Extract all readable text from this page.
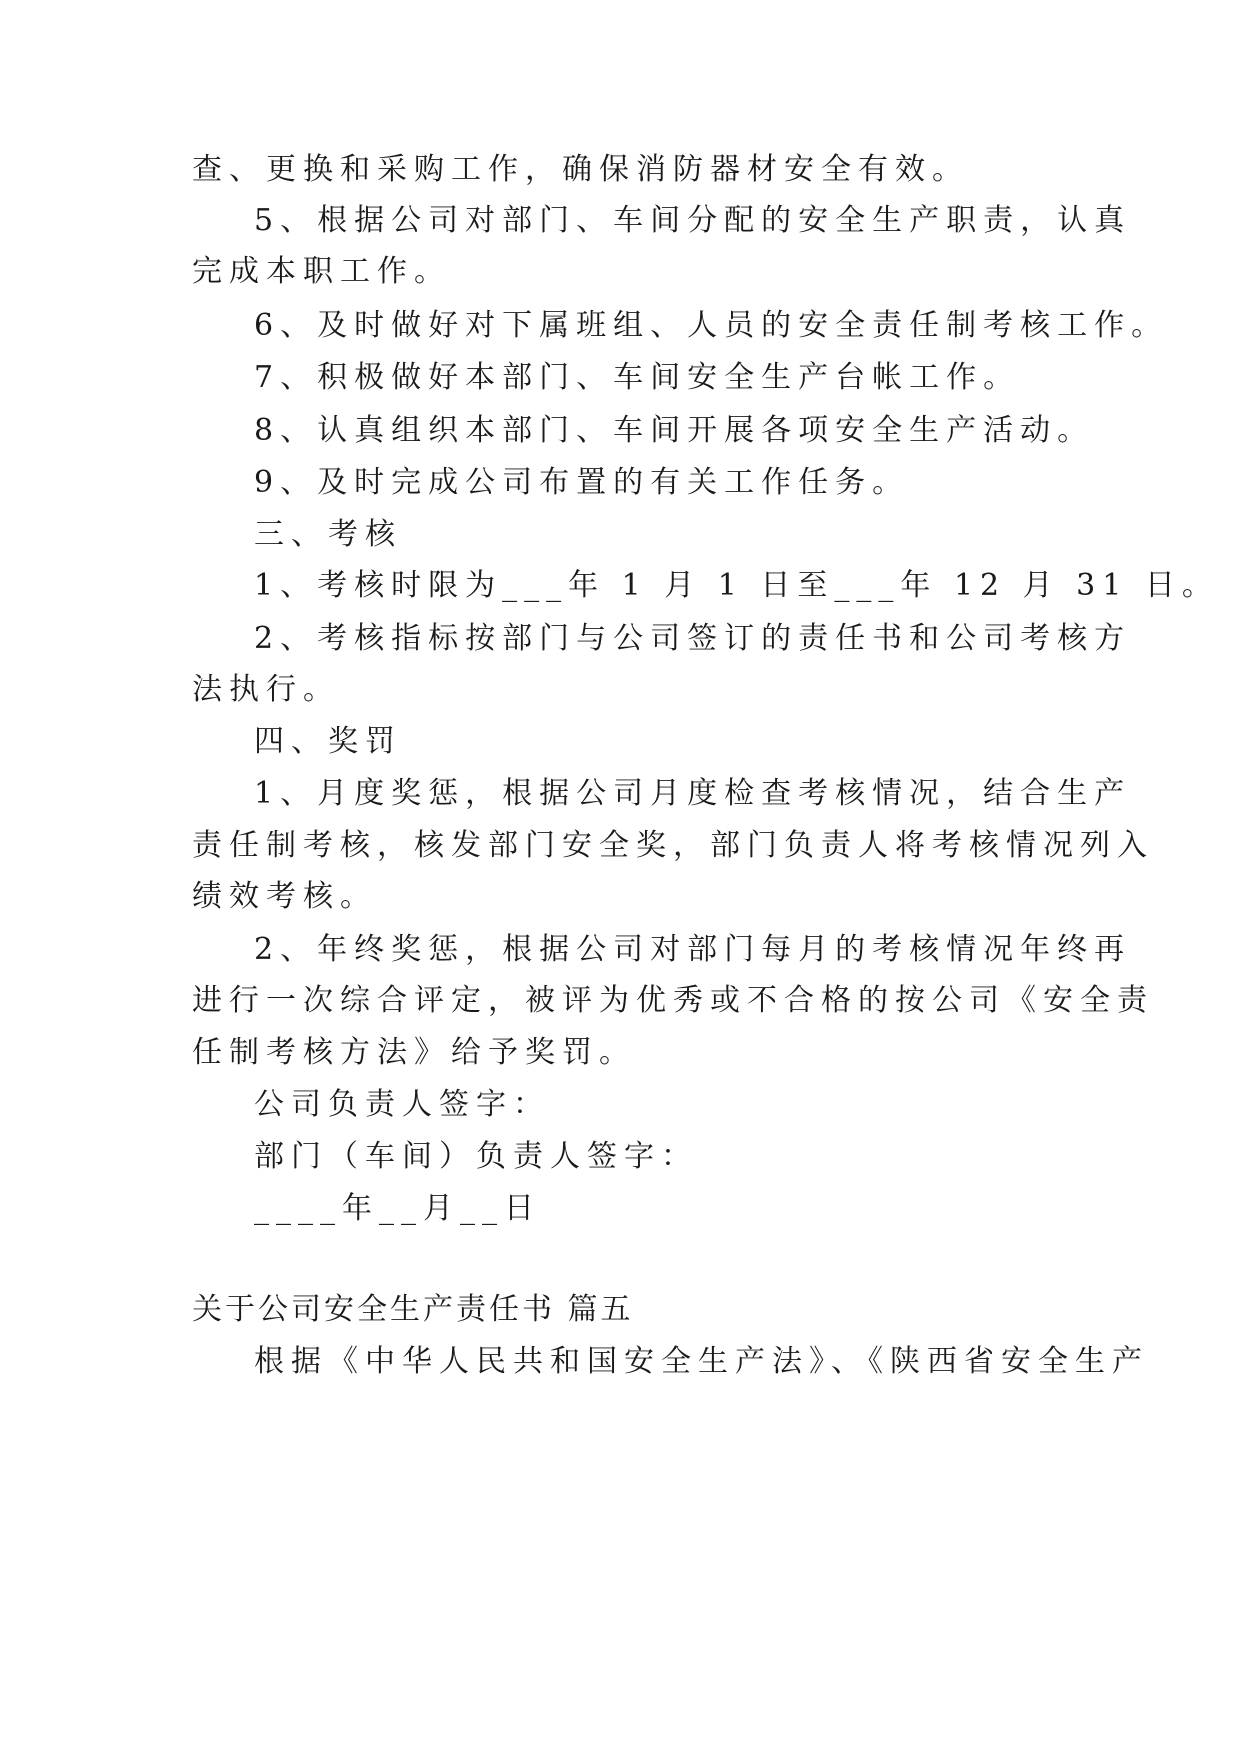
查、更换和采购工作，确保消防器材安全有效。
5、根据公司对部门、车间分配的安全生产职责，认真
完成本职工作。
6、及时做好对下属班组、人员的安全责任制考核工作。
7、积极做好本部门、车间安全生产台帐工作。
8、认真组织本部门、车间开展各项安全生产活动。
9、及时完成公司布置的有关工作任务。
三、考核
1、考核时限为___年 1 月 1 日至___年 12 月 31 日。
2、考核指标按部门与公司签订的责任书和公司考核方
法执行。
四、奖罚
1、月度奖惩，根据公司月度检查考核情况，结合生产
责任制考核，核发部门安全奖，部门负责人将考核情况列入
绩效考核。
2、年终奖惩，根据公司对部门每月的考核情况年终再
进行一次综合评定，被评为优秀或不合格的按公司《安全责
任制考核方法》给予奖罚。
公司负责人签字：
部门（车间）负责人签字：
____年__月__日
关于公司安全生产责任书 篇五
根据《中华人民共和国安全生产法》、《陕西省安全生产
